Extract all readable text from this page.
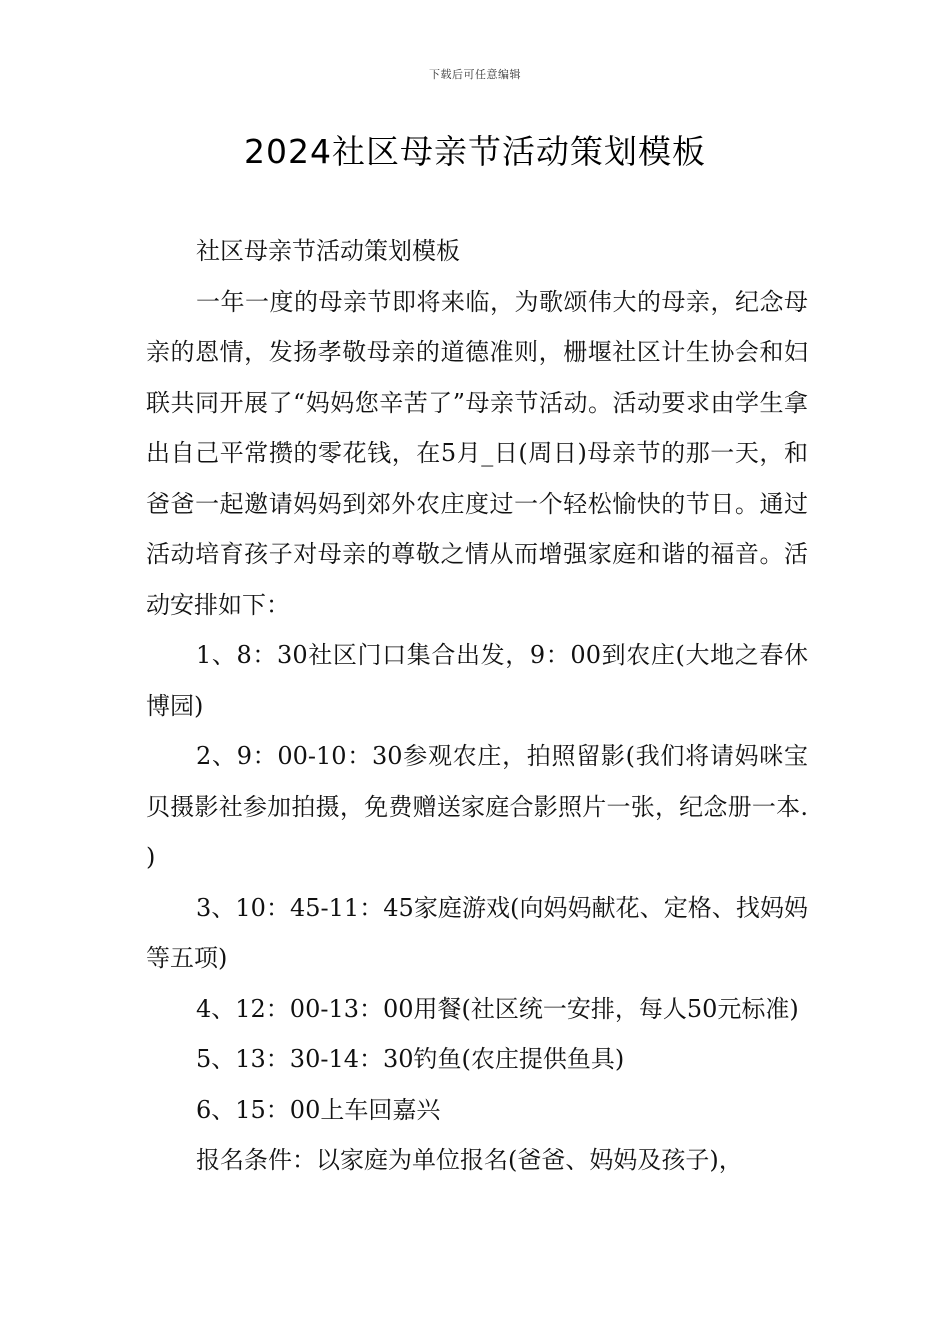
下载后可任意编辑
2024社区母亲节活动策划模板

社区母亲节活动策划模板

一年一度的母亲节即将来临，为歌颂伟大的母亲，纪念母亲的恩情，发扬孝敬母亲的道德准则，栅堰社区计生协会和妇联共同开展了“妈妈您辛苦了”母亲节活动。活动要求由学生拿出自己平常攒的零花钱，在5月_日(周日)母亲节的那一天，和爸爸一起邀请妈妈到郊外农庄度过一个轻松愉快的节日。通过活动培育孩子对母亲的尊敬之情从而增强家庭和谐的福音。活动安排如下：

1、8：30社区门口集合出发，9：00到农庄(大地之春休博园)

2、9：00-10：30参观农庄，拍照留影(我们将请妈咪宝贝摄影社参加拍摄，免费赠送家庭合影照片一张，纪念册一本.)

3、10：45-11：45家庭游戏(向妈妈献花、定格、找妈妈等五项)

4、12：00-13：00用餐(社区统一安排，每人50元标准)

5、13：30-14：30钓鱼(农庄提供鱼具)

6、15：00上车回嘉兴

报名条件：以家庭为单位报名(爸爸、妈妈及孩子)，
